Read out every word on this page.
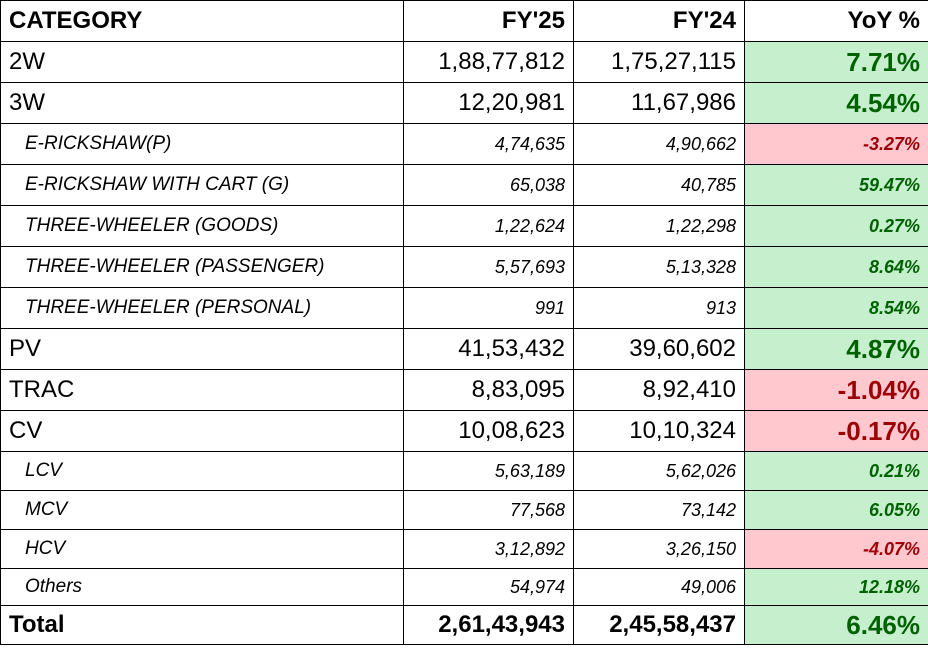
CATEGORY	FY'25	FY'24	YoY %
2W	1,88,77,812	1,75,27,115	7.71%
3W	12,20,981	11,67,986	4.54%
E-RICKSHAW(P)	4,74,635	4,90,662	-3.27%
E-RICKSHAW WITH CART (G)	65,038	40,785	59.47%
THREE-WHEELER (GOODS)	1,22,624	1,22,298	0.27%
THREE-WHEELER (PASSENGER)	5,57,693	5,13,328	8.64%
THREE-WHEELER (PERSONAL)	991	913	8.54%
PV	41,53,432	39,60,602	4.87%
TRAC	8,83,095	8,92,410	-1.04%
CV	10,08,623	10,10,324	-0.17%
LCV	5,63,189	5,62,026	0.21%
MCV	77,568	73,142	6.05%
HCV	3,12,892	3,26,150	-4.07%
Others	54,974	49,006	12.18%
Total	2,61,43,943	2,45,58,437	6.46%
